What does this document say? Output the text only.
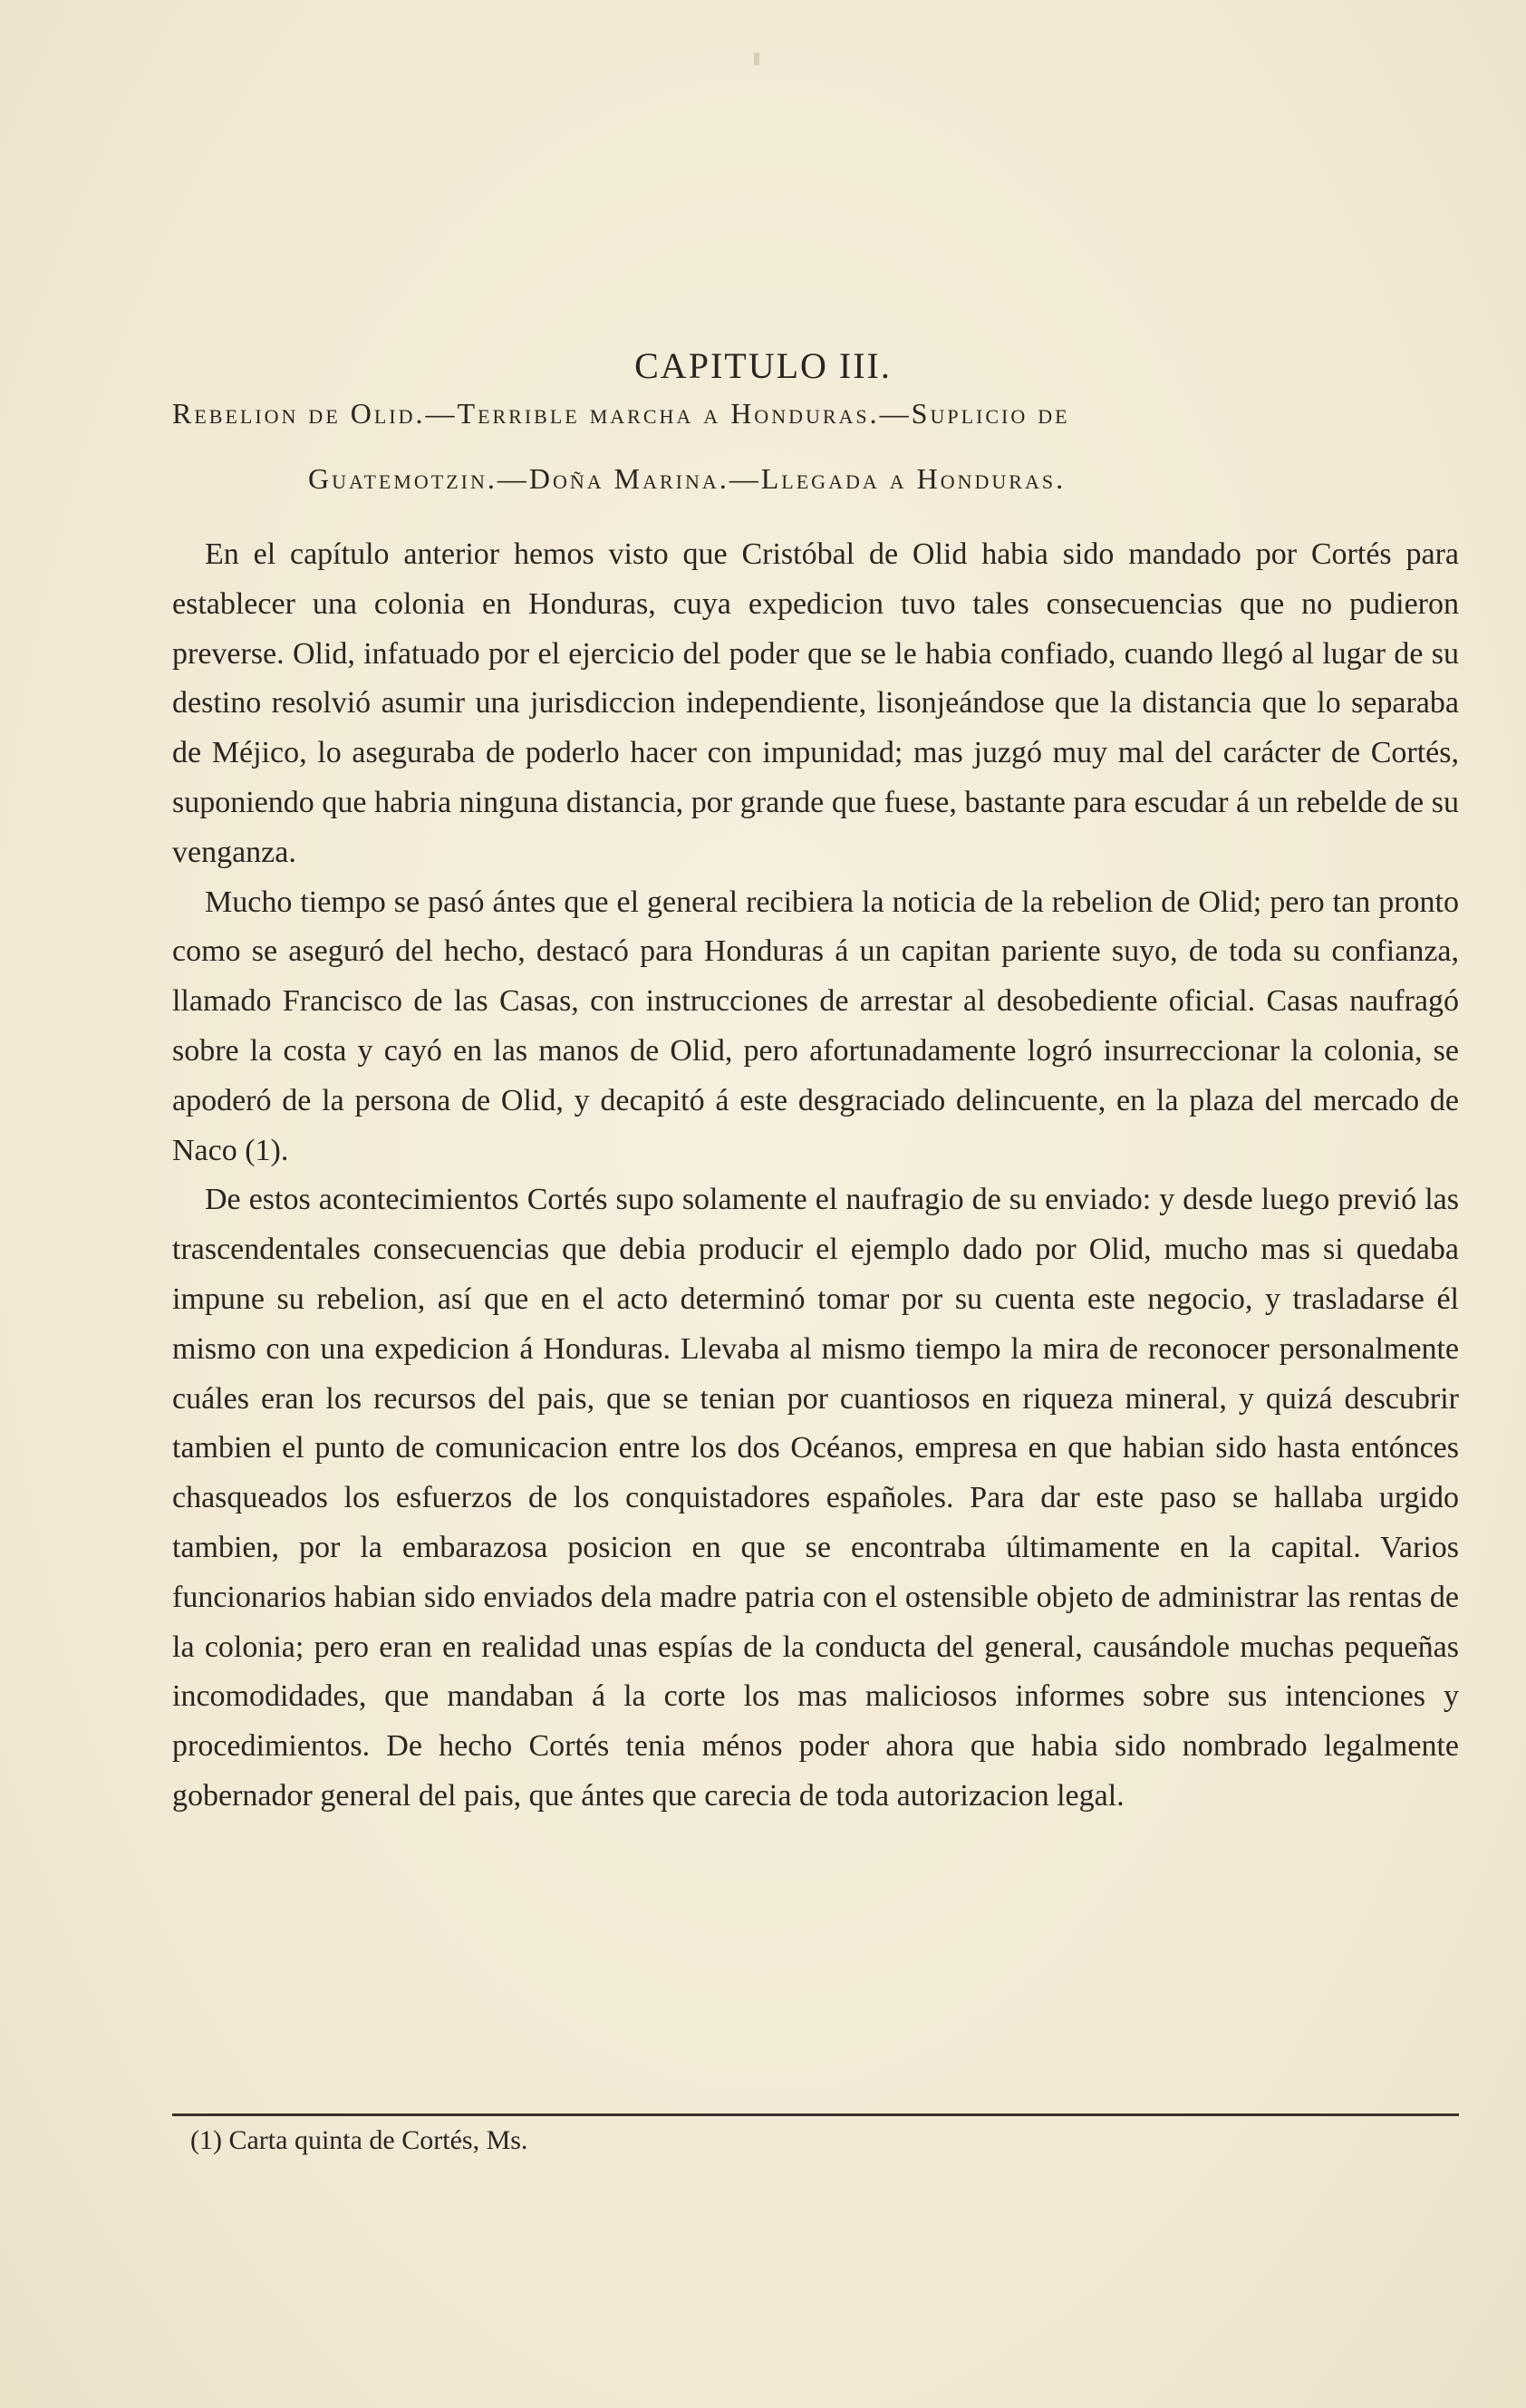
CAPITULO III.
Rebelion de Olid.—Terrible marcha a Honduras.—Suplicio de
Guatemotzin.—Doña Marina.—Llegada a Honduras.

En el capítulo anterior hemos visto que Cristóbal de Olid habia sido mandado por Cortés para establecer una colonia en Honduras, cuya expedicion tuvo tales consecuencias que no pudieron preverse. Olid, infatuado por el ejercicio del poder que se le habia confiado, cuando llegó al lugar de su destino resolvió asumir una jurisdiccion independiente, lisonjeándose que la distancia que lo separaba de Méjico, lo aseguraba de poderlo hacer con impunidad; mas juzgó muy mal del carácter de Cortés, suponiendo que habria ninguna distancia, por grande que fuese, bastante para escudar á un rebelde de su venganza.

Mucho tiempo se pasó ántes que el general recibiera la noticia de la rebelion de Olid; pero tan pronto como se aseguró del hecho, destacó para Honduras á un capitan pariente suyo, de toda su confianza, llamado Francisco de las Casas, con instrucciones de arrestar al desobediente oficial. Casas naufragó sobre la costa y cayó en las manos de Olid, pero afortunadamente logró insurreccionar la colonia, se apoderó de la persona de Olid, y decapitó á este desgraciado delincuente, en la plaza del mercado de Naco (1).

De estos acontecimientos Cortés supo solamente el naufragio de su enviado: y desde luego previó las trascendentales consecuencias que debia producir el ejemplo dado por Olid, mucho mas si quedaba impune su rebelion, así que en el acto determinó tomar por su cuenta este negocio, y trasladarse él mismo con una expedicion á Honduras. Llevaba al mismo tiempo la mira de reconocer personalmente cuáles eran los recursos del pais, que se tenian por cuantiosos en riqueza mineral, y quizá descubrir tambien el punto de comunicacion entre los dos Océanos, empresa en que habian sido hasta entónces chasqueados los esfuerzos de los conquistadores españoles. Para dar este paso se hallaba urgido tambien, por la embarazosa posicion en que se encontraba últimamente en la capital. Varios funcionarios habian sido enviados dela madre patria con el ostensible objeto de administrar las rentas de la colonia; pero eran en realidad unas espías de la conducta del general, causándole muchas pequeñas incomodidades, que mandaban á la corte los mas maliciosos informes sobre sus intenciones y procedimientos. De hecho Cortés tenia ménos poder ahora que habia sido nombrado legalmente gobernador general del pais, que ántes que carecia de toda autorizacion legal.

(1) Carta quinta de Cortés, Ms.
